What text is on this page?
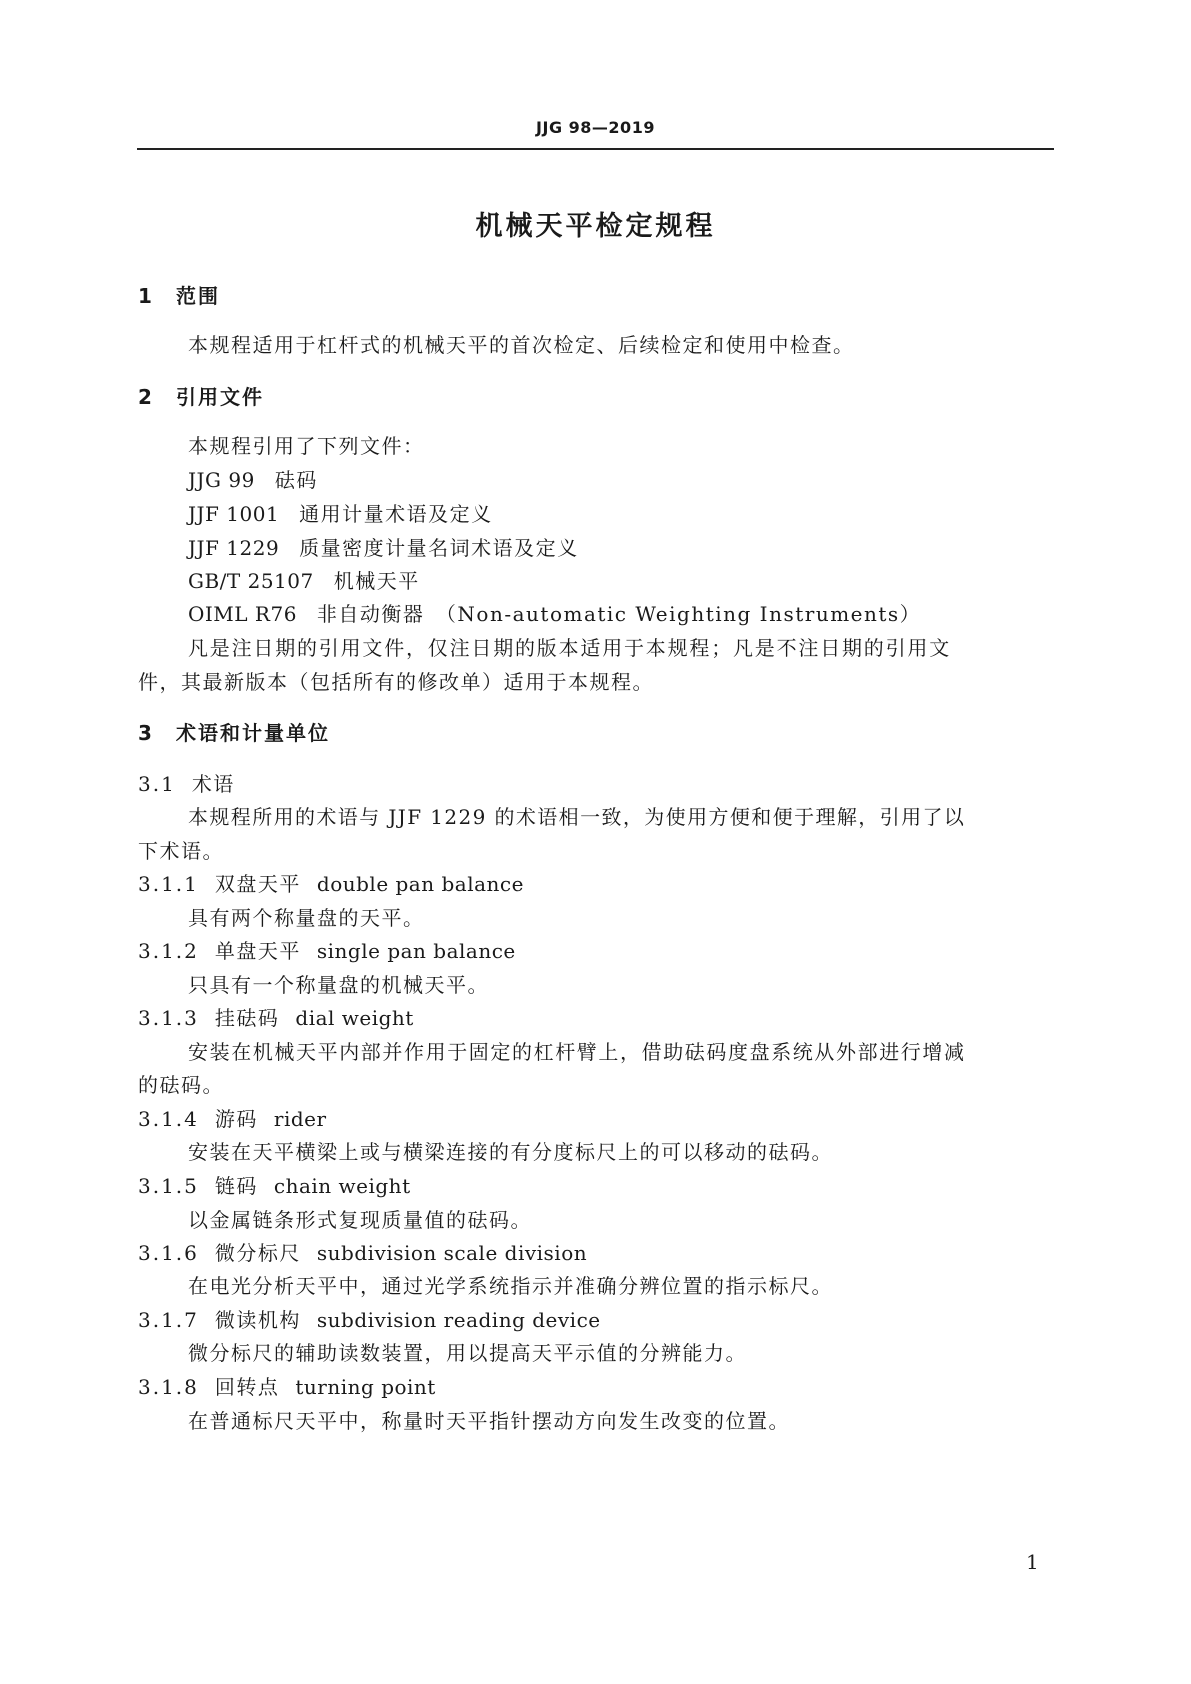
JJG 98—2019
机械天平检定规程
1 范围
本规程适用于杠杆式的机械天平的首次检定、后续检定和使用中检查。
2 引用文件
本规程引用了下列文件：
JJG 99 砝码
JJF 1001 通用计量术语及定义
JJF 1229 质量密度计量名词术语及定义
GB/T 25107 机械天平
OIML R76 非自动衡器　（Non-automatic Weighting Instruments）
凡是注日期的引用文件，仅注日期的版本适用于本规程；凡是不注日期的引用文
件，其最新版本（包括所有的修改单）适用于本规程。
3 术语和计量单位
3.1 术语
本规程所用的术语与 JJF 1229 的术语相一致，为使用方便和便于理解，引用了以
下术语。
3.1.1 双盘天平 double pan balance
具有两个称量盘的天平。
3.1.2 单盘天平 single pan balance
只具有一个称量盘的机械天平。
3.1.3 挂砝码 dial weight
安装在机械天平内部并作用于固定的杠杆臂上，借助砝码度盘系统从外部进行增减
的砝码。
3.1.4 游码 rider
安装在天平横梁上或与横梁连接的有分度标尺上的可以移动的砝码。
3.1.5 链码 chain weight
以金属链条形式复现质量值的砝码。
3.1.6 微分标尺 subdivision scale division
在电光分析天平中，通过光学系统指示并准确分辨位置的指示标尺。
3.1.7 微读机构 subdivision reading device
微分标尺的辅助读数装置，用以提高天平示值的分辨能力。
3.1.8 回转点 turning point
在普通标尺天平中，称量时天平指针摆动方向发生改变的位置。
1
